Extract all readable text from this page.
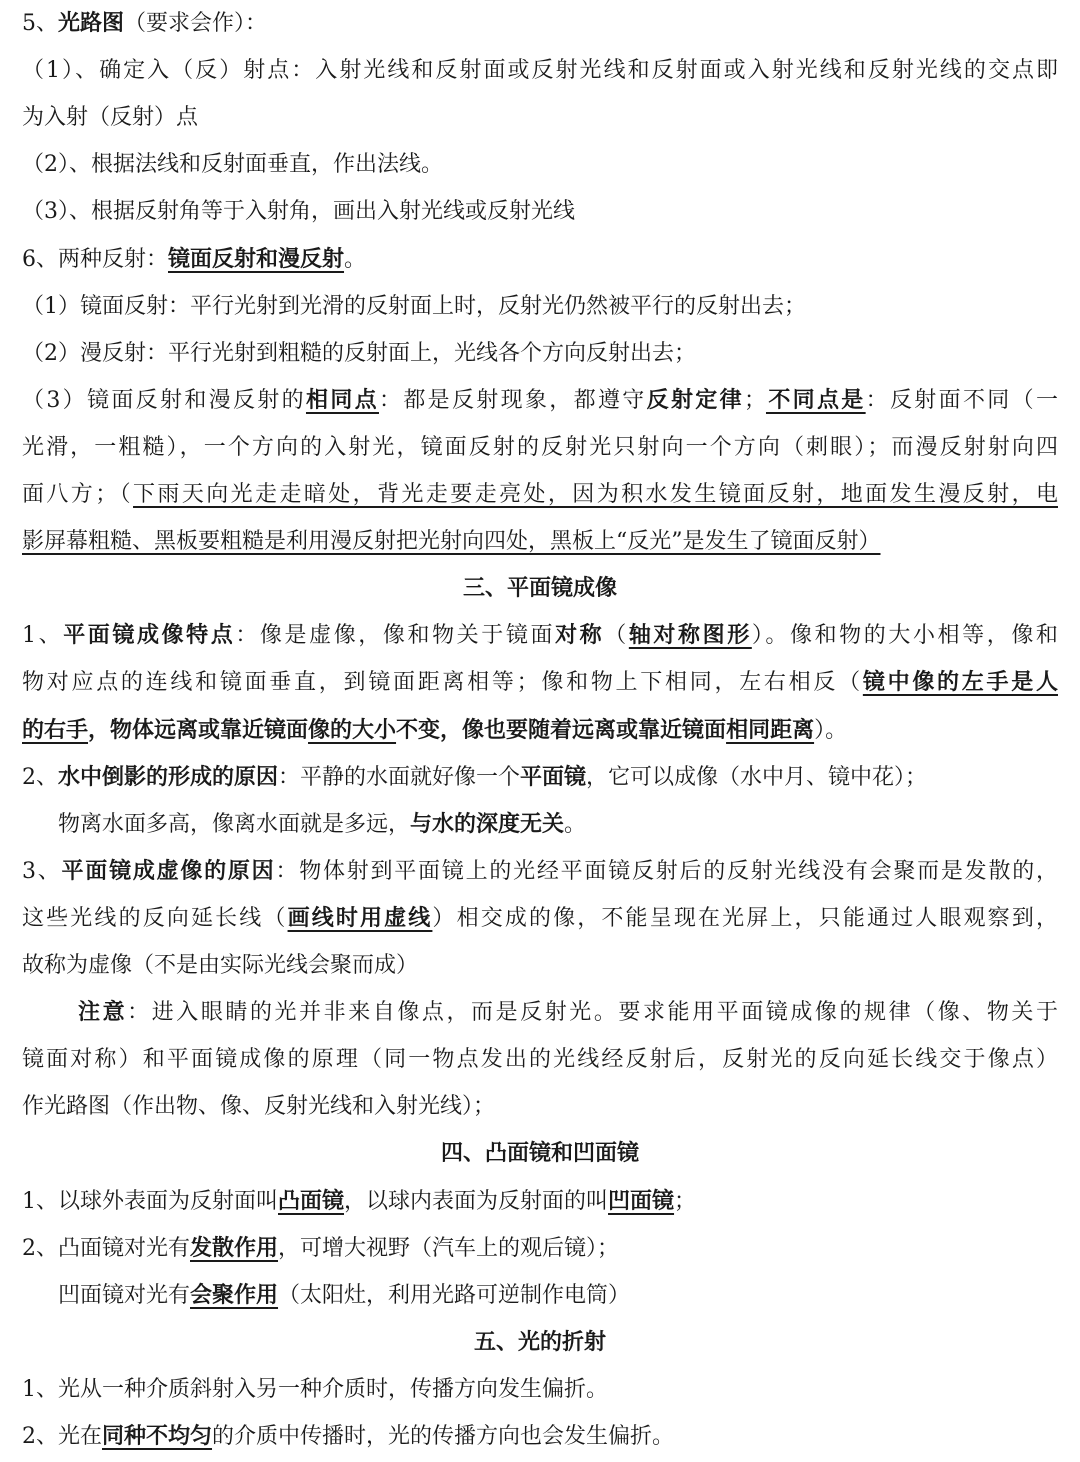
5、光路图（要求会作）：
（1）、确定入（反）射点：入射光线和反射面或反射光线和反射面或入射光线和反射光线的交点即
为入射（反射）点
（2）、根据法线和反射面垂直，作出法线。
（3）、根据反射角等于入射角，画出入射光线或反射光线
6、两种反射：镜面反射和漫反射。
（1）镜面反射：平行光射到光滑的反射面上时，反射光仍然被平行的反射出去；
（2）漫反射：平行光射到粗糙的反射面上，光线各个方向反射出去；
（3）镜面反射和漫反射的相同点：都是反射现象，都遵守反射定律；不同点是：反射面不同（一
光滑，一粗糙），一个方向的入射光，镜面反射的反射光只射向一个方向（刺眼）；而漫反射射向四
面八方；（下雨天向光走走暗处，背光走要走亮处，因为积水发生镜面反射，地面发生漫反射，电
影屏幕粗糙、黑板要粗糙是利用漫反射把光射向四处，黑板上“反光”是发生了镜面反射）
三、平面镜成像
1、平面镜成像特点：像是虚像，像和物关于镜面对称（轴对称图形）。像和物的大小相等，像和
物对应点的连线和镜面垂直，到镜面距离相等；像和物上下相同，左右相反（镜中像的左手是人
的右手，物体远离或靠近镜面像的大小不变，像也要随着远离或靠近镜面相同距离）。
2、水中倒影的形成的原因：平静的水面就好像一个平面镜，它可以成像（水中月、镜中花）；
物离水面多高，像离水面就是多远，与水的深度无关。
3、平面镜成虚像的原因：物体射到平面镜上的光经平面镜反射后的反射光线没有会聚而是发散的，
这些光线的反向延长线（画线时用虚线）相交成的像，不能呈现在光屏上，只能通过人眼观察到，
故称为虚像（不是由实际光线会聚而成）
注意：进入眼睛的光并非来自像点，而是反射光。要求能用平面镜成像的规律（像、物关于
镜面对称）和平面镜成像的原理（同一物点发出的光线经反射后，反射光的反向延长线交于像点）
作光路图（作出物、像、反射光线和入射光线）；
四、凸面镜和凹面镜
1、以球外表面为反射面叫凸面镜，以球内表面为反射面的叫凹面镜；
2、凸面镜对光有发散作用，可增大视野（汽车上的观后镜）；
凹面镜对光有会聚作用（太阳灶，利用光路可逆制作电筒）
五、光的折射
1、光从一种介质斜射入另一种介质时，传播方向发生偏折。
2、光在同种不均匀的介质中传播时，光的传播方向也会发生偏折。
